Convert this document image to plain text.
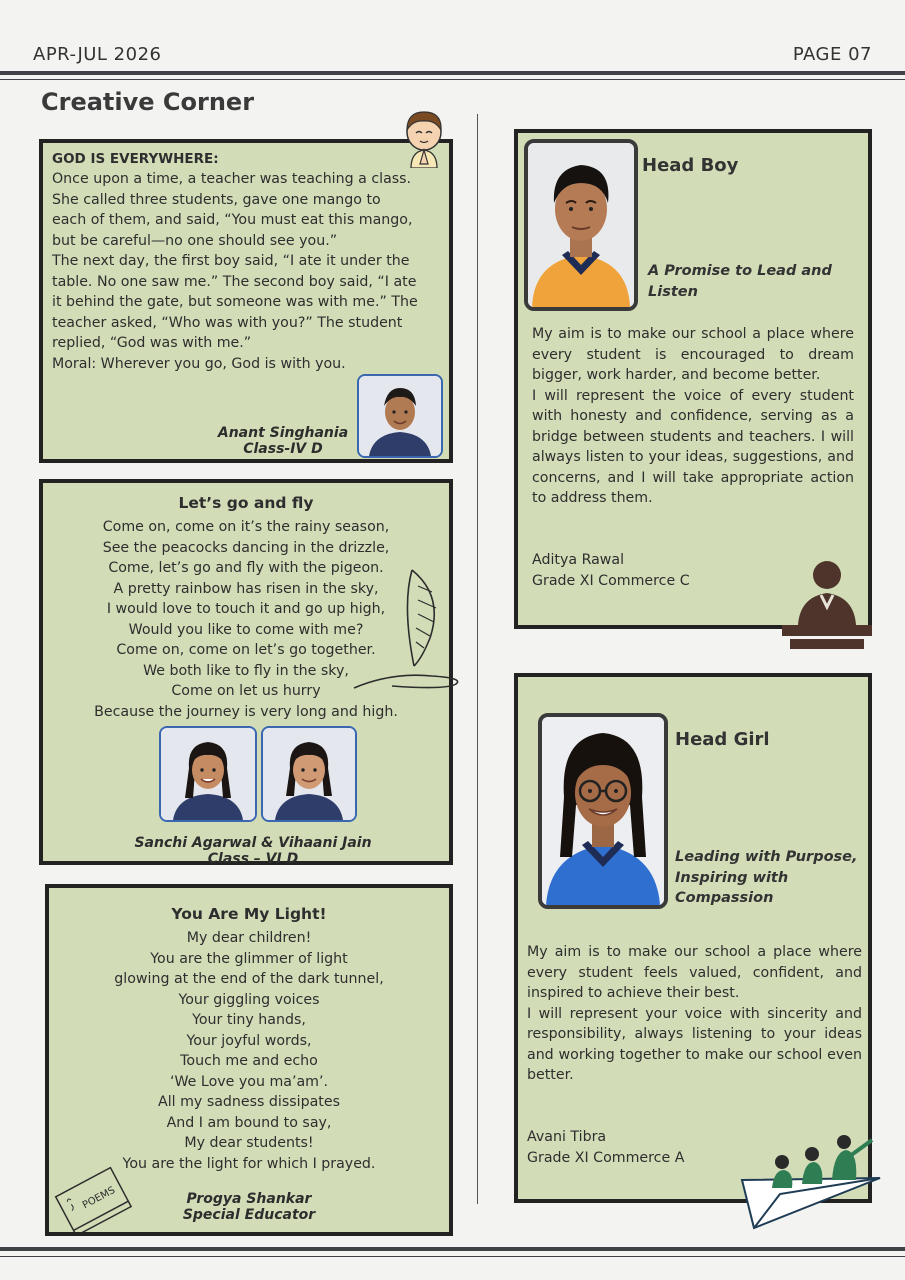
APR-JUL 2026	PAGE 07
Creative Corner
GOD IS EVERYWHERE:
Once upon a time, a teacher was teaching a class.
She called three students, gave one mango to
each of them, and said, “You must eat this mango,
but be careful—no one should see you.”
The next day, the first boy said, “I ate it under the
table. No one saw me.” The second boy said, “I ate
it behind the gate, but someone was with me.” The
teacher asked, “Who was with you?” The student
replied, “God was with me.”
Moral: Wherever you go, God is with you.
Anant Singhania
Class-IV D
Let’s go and fly
Come on, come on it’s the rainy season,
See the peacocks dancing in the drizzle,
Come, let’s go and fly with the pigeon.
A pretty rainbow has risen in the sky,
I would love to touch it and go up high,
Would you like to come with me?
Come on, come on let’s go together.
We both like to fly in the sky,
Come on let us hurry
Because the journey is very long and high.
Sanchi Agarwal & Vihaani Jain
Class – VI D
You Are My Light!
My dear children!
You are the glimmer of light
glowing at the end of the dark tunnel,
Your giggling voices
Your tiny hands,
Your joyful words,
Touch me and echo
‘We Love you ma’am’.
All my sadness dissipates
And I am bound to say,
My dear students!
You are the light for which I prayed.
Progya Shankar
Special Educator
POEMS
Head Boy
A Promise to Lead and
Listen
My aim is to make our school a place where every student is encouraged to dream bigger, work harder, and become better.
I will represent the voice of every student with honesty and confidence, serving as a bridge between students and teachers. I will always listen to your ideas, suggestions, and concerns, and I will take appropriate action to address them.
Aditya Rawal
Grade XI Commerce C
Head Girl
Leading with Purpose,
Inspiring with
Compassion
My aim is to make our school a place where every student feels valued, confident, and inspired to achieve their best.
I will represent your voice with sincerity and responsibility, always listening to your ideas and working together to make our school even better.
Avani Tibra
Grade XI Commerce A
